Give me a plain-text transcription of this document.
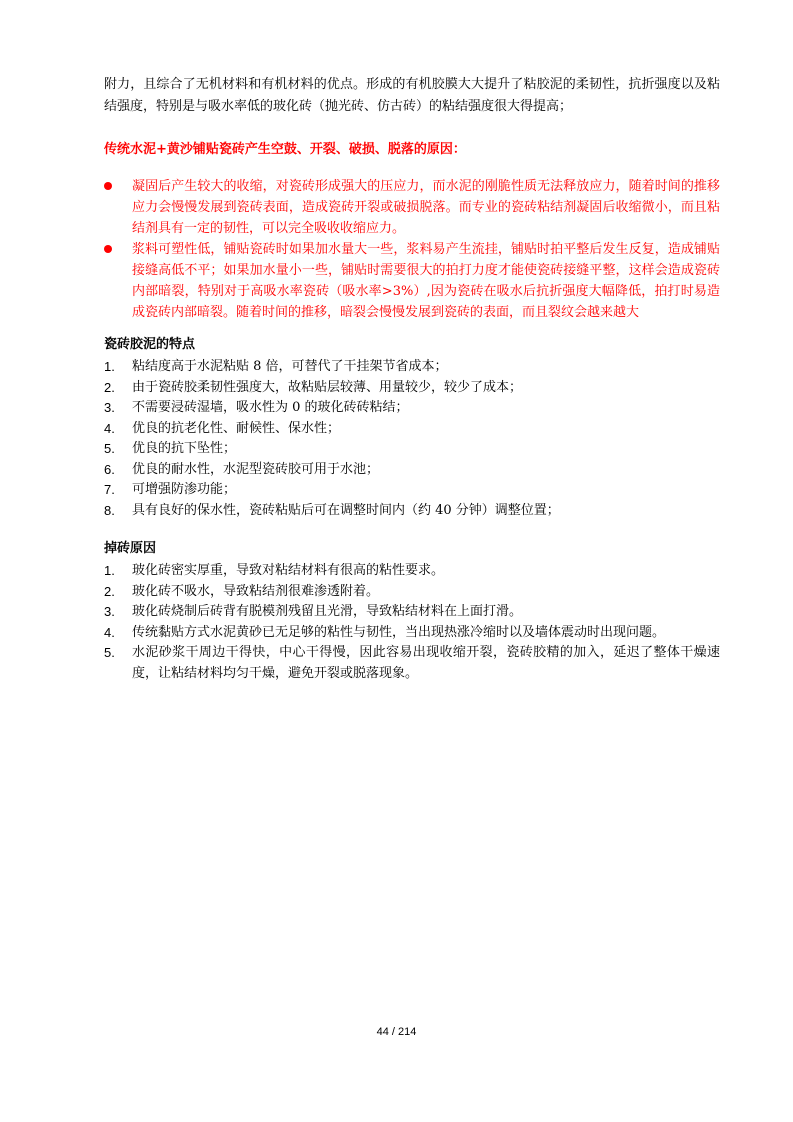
附力，且综合了无机材料和有机材料的优点。形成的有机胶膜大大提升了粘胶泥的柔韧性，抗折强度以及粘结强度，特别是与吸水率低的玻化砖（抛光砖、仿古砖）的粘结强度很大得提高；

传统水泥+黄沙铺贴瓷砖产生空鼓、开裂、破损、脱落的原因：
凝固后产生较大的收缩，对瓷砖形成强大的压应力，而水泥的刚脆性质无法释放应力，随着时间的推移应力会慢慢发展到瓷砖表面，造成瓷砖开裂或破损脱落。而专业的瓷砖粘结剂凝固后收缩微小，而且粘结剂具有一定的韧性，可以完全吸收收缩应力。
浆料可塑性低，铺贴瓷砖时如果加水量大一些，浆料易产生流挂，铺贴时拍平整后发生反复，造成铺贴接缝高低不平；如果加水量小一些，铺贴时需要很大的拍打力度才能使瓷砖接缝平整，这样会造成瓷砖内部暗裂，特别对于高吸水率瓷砖（吸水率>3%）,因为瓷砖在吸水后抗折强度大幅降低，拍打时易造成瓷砖内部暗裂。随着时间的推移，暗裂会慢慢发展到瓷砖的表面，而且裂纹会越来越大
瓷砖胶泥的特点
1. 粘结度高于水泥粘贴 8 倍，可替代了干挂架节省成本；
2. 由于瓷砖胶柔韧性强度大，故粘贴层较薄、用量较少，较少了成本；
3. 不需要浸砖湿墙，吸水性为 0 的玻化砖砖粘结；
4. 优良的抗老化性、耐候性、保水性；
5. 优良的抗下坠性；
6. 优良的耐水性，水泥型瓷砖胶可用于水池；
7. 可增强防渗功能；
8. 具有良好的保水性，瓷砖粘贴后可在调整时间内（约 40 分钟）调整位置；
掉砖原因
1. 玻化砖密实厚重，导致对粘结材料有很高的粘性要求。
2. 玻化砖不吸水，导致粘结剂很难渗透附着。
3. 玻化砖烧制后砖背有脱模剂残留且光滑，导致粘结材料在上面打滑。
4. 传统黏贴方式水泥黄砂已无足够的粘性与韧性，当出现热涨冷缩时以及墙体震动时出现问题。
5. 水泥砂浆干周边干得快，中心干得慢，因此容易出现收缩开裂，瓷砖胶精的加入，延迟了整体干燥速度，让粘结材料均匀干燥，避免开裂或脱落现象。
44 / 214
